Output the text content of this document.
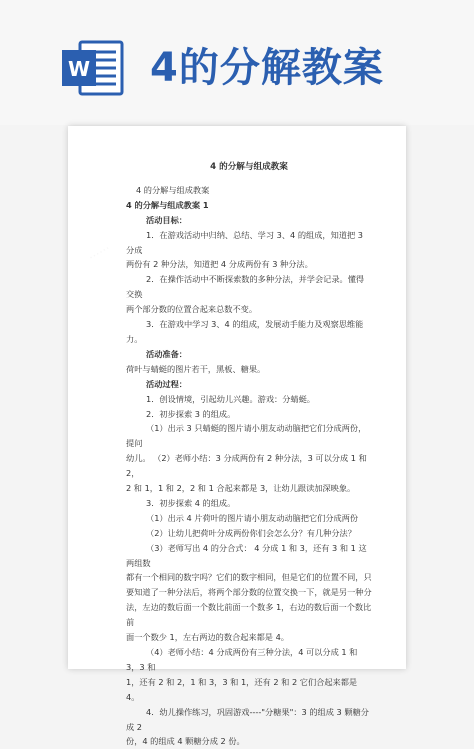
W 4的分解教案
······

4 的分解与组成教案

4 的分解与组成教案

4 的分解与组成教案 1

活动目标：

1．在游戏活动中归纳、总结、学习 3、4 的组成，知道把 3 分成

两份有 2 种分法，知道把 4 分成两份有 3 种分法。

2．在操作活动中不断探索数的多种分法，并学会记录。懂得交换

两个部分数的位置合起来总数不变。

3．在游戏中学习 3、4 的组成，发展动手能力及观察思维能力。

活动准备：

荷叶与蜻蜓的图片若干，黑板、糖果。

活动过程：

1．创设情境，引起幼儿兴趣。游戏：分蜻蜓。

2．初步探索 3 的组成。

（1）出示 3 只蜻蜓的图片请小朋友动动脑把它们分成两份，提问

幼儿。 （2）老师小结：3 分成两份有 2 种分法，3 可以分成 1 和 2，

2 和 1，1 和 2，2 和 1 合起来都是 3，让幼儿跟读加深映象。

3．初步探索 4 的组成。

（1）出示 4 片荷叶的图片请小朋友动动脑把它们分成两份

（2）让幼儿把荷叶分成两份你们会怎么分？有几种分法？

（3）老师写出 4 的分合式： 4 分成 1 和 3，还有 3 和 1 这两组数

都有一个相同的数字吗？它们的数字相同，但是它们的位置不同，只

要知道了一种分法后，将两个部分数的位置交换一下，就是另一种分

法，左边的数后面一个数比前面一个数多 1，右边的数后面一个数比前

面一个数少 1，左右两边的数合起来都是 4。

（4）老师小结：4 分成两份有三种分法，4 可以分成 1 和 3，3 和

1，还有 2 和 2，1 和 3，3 和 1，还有 2 和 2 它们合起来都是 4。

4．幼儿操作练习，巩固游戏----"分糖果"：3 的组成 3 颗糖分成 2

份，4 的组成 4 颗糖分成 2 份。
